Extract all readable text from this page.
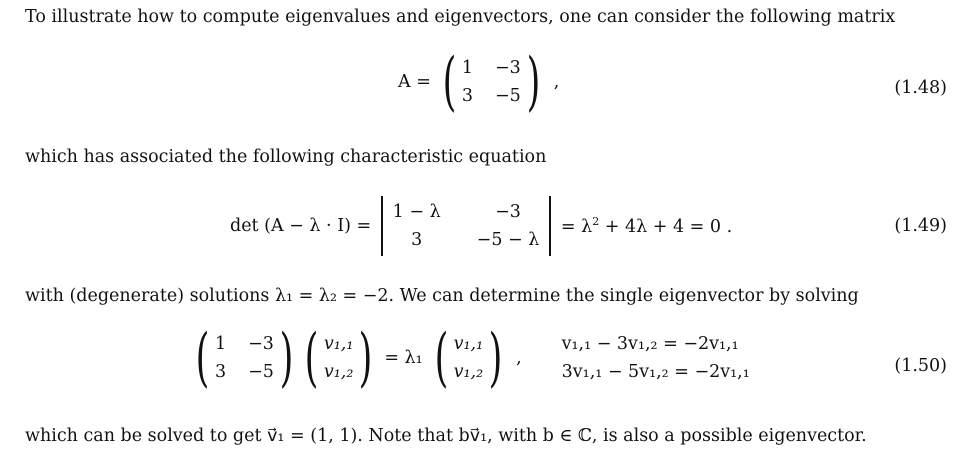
To illustrate how to compute eigenvalues and eigenvectors, one can consider the following matrix
A = ( 1 −3
3 −5 ) ,	(1.48)
which has associated the following characteristic equation
det (A − λ · I) =
1 − λ	−3
3	−5 − λ
= $\lambda^2 + 4\lambda + 4 = 0$ .	(1.49)
with (degenerate) solutions λ₁ = λ₂ = −2. We can determine the single eigenvector by solving
( 1 −3
3 −5 ) ( v₁,₁
v₁,₂ ) = λ₁ ( v₁,₁
v₁,₂ ) ,
v₁,₁ − 3v₁,₂ = −2v₁,₁
3v₁,₁ − 5v₁,₂ = −2v₁,₁	(1.50)
which can be solved to get v⃗₁ = (1, 1). Note that bv⃗₁, with b ∈ ℂ, is also a possible eigenvector.
